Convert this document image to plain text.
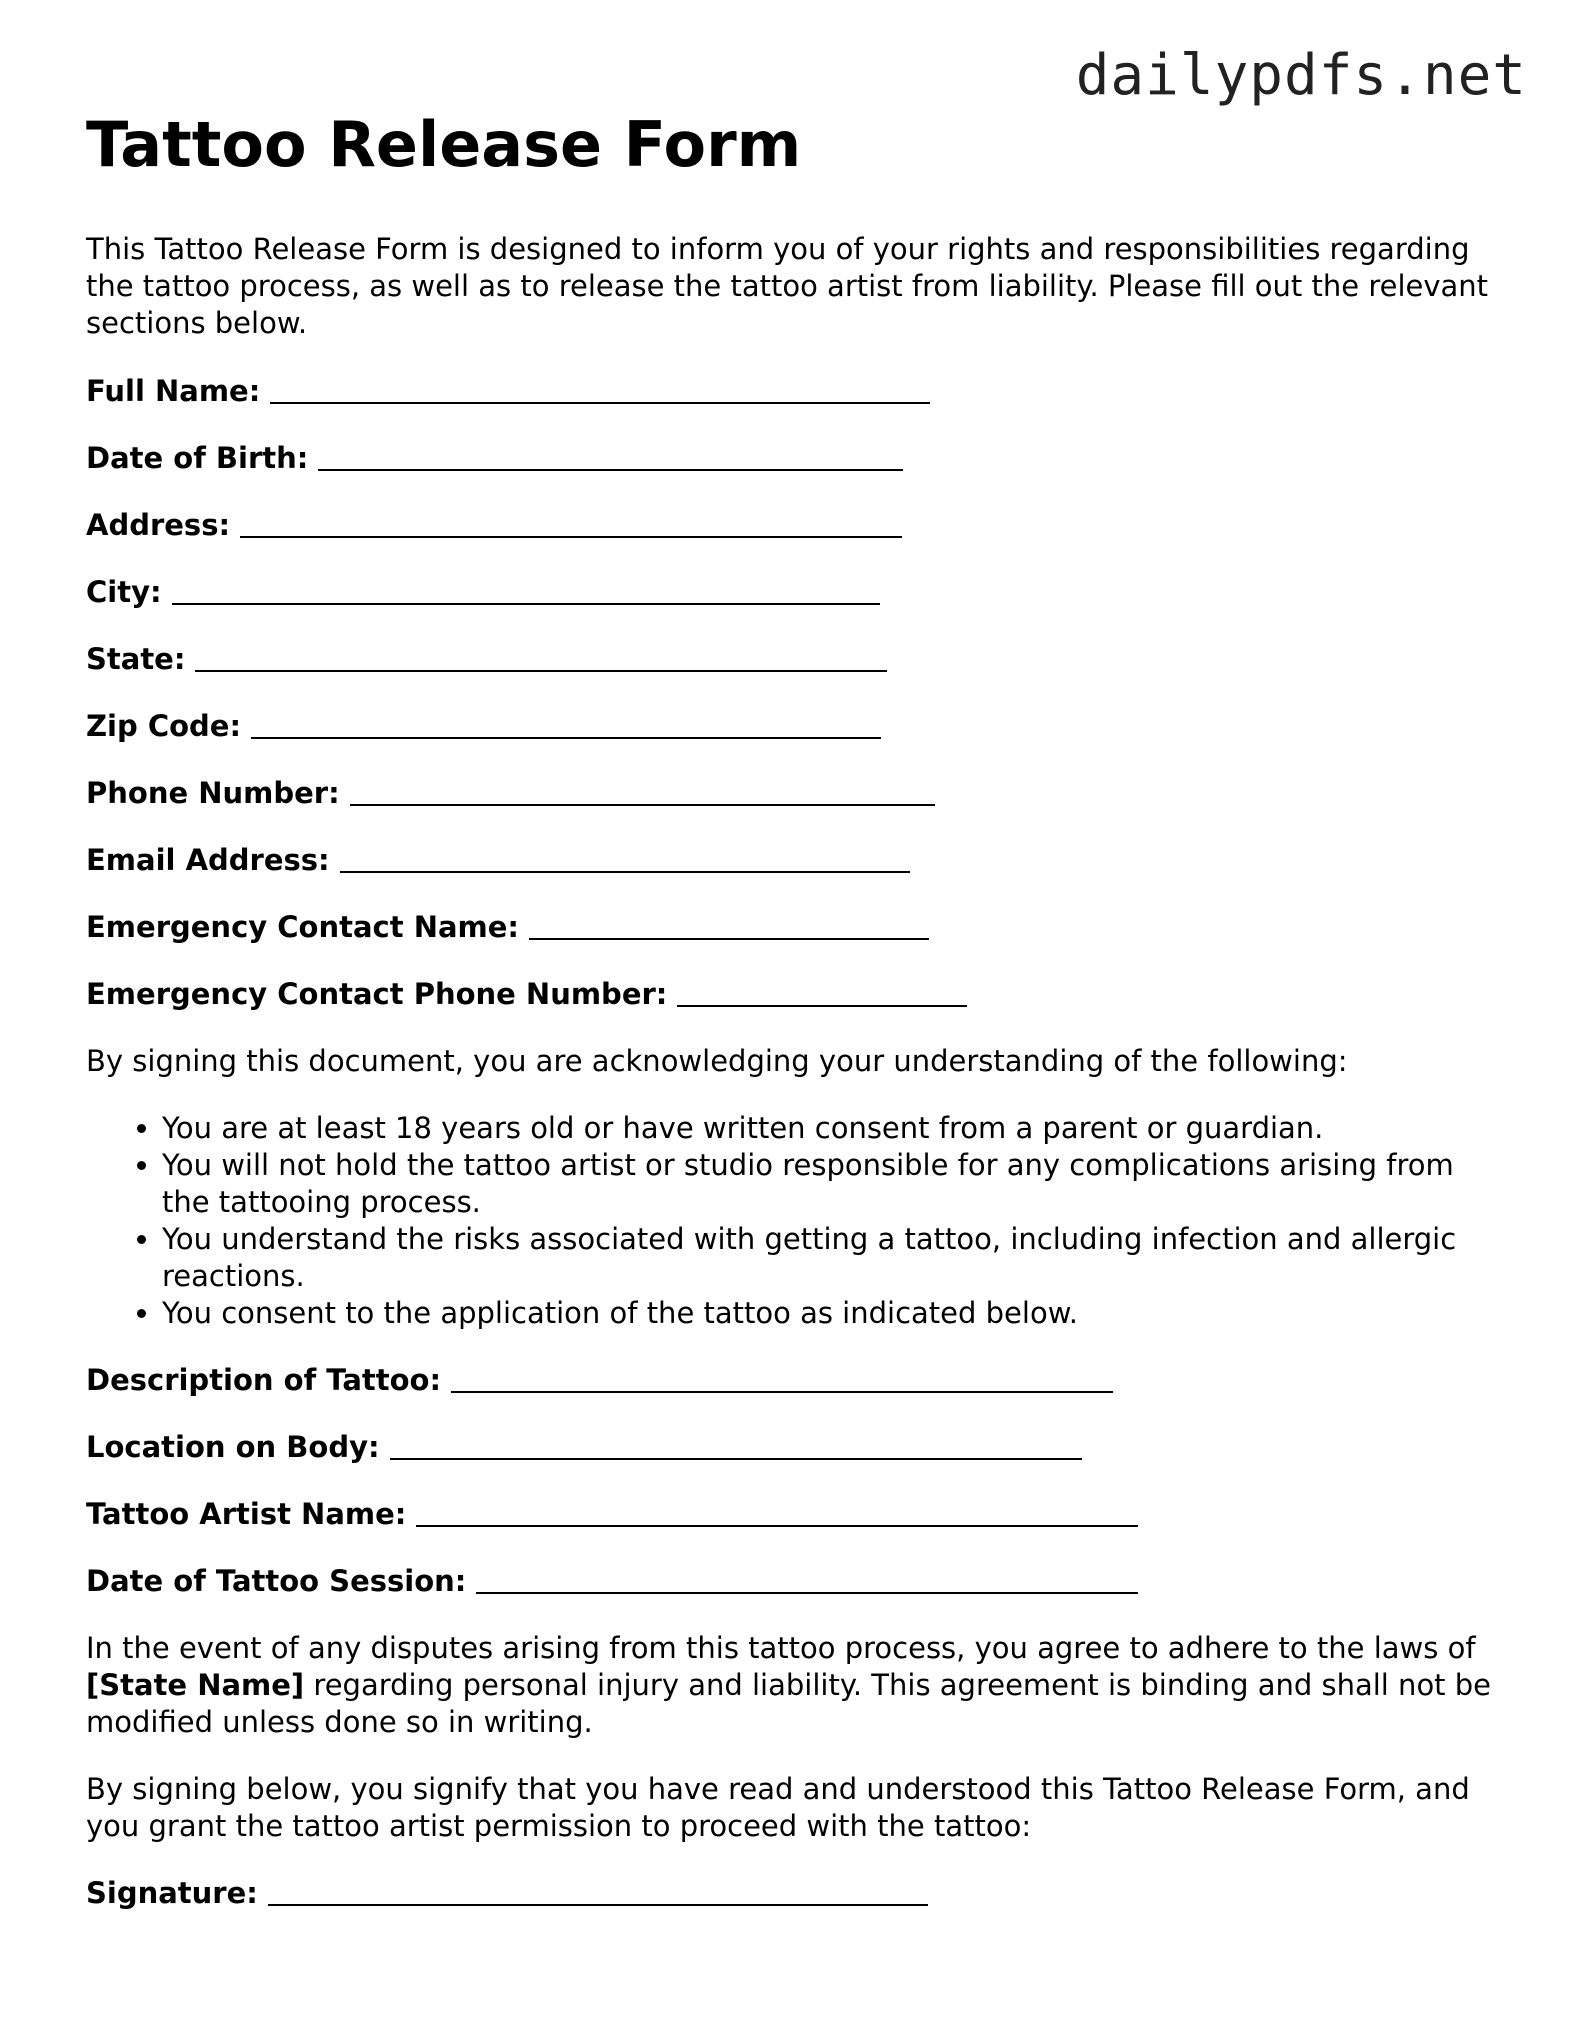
dailypdfs.net
Tattoo Release Form

This Tattoo Release Form is designed to inform you of your rights and responsibilities regarding the tattoo process, as well as to release the tattoo artist from liability. Please fill out the relevant sections below.

Full Name:
Date of Birth:
Address:
City:
State:
Zip Code:
Phone Number:
Email Address:
Emergency Contact Name:
Emergency Contact Phone Number:

By signing this document, you are acknowledging your understanding of the following:

• You are at least 18 years old or have written consent from a parent or guardian.
• You will not hold the tattoo artist or studio responsible for any complications arising from the tattooing process.
• You understand the risks associated with getting a tattoo, including infection and allergic reactions.
• You consent to the application of the tattoo as indicated below.
Description of Tattoo:
Location on Body:
Tattoo Artist Name:
Date of Tattoo Session:

In the event of any disputes arising from this tattoo process, you agree to adhere to the laws of [State Name] regarding personal injury and liability. This agreement is binding and shall not be modified unless done so in writing.

By signing below, you signify that you have read and understood this Tattoo Release Form, and you grant the tattoo artist permission to proceed with the tattoo:

Signature:
